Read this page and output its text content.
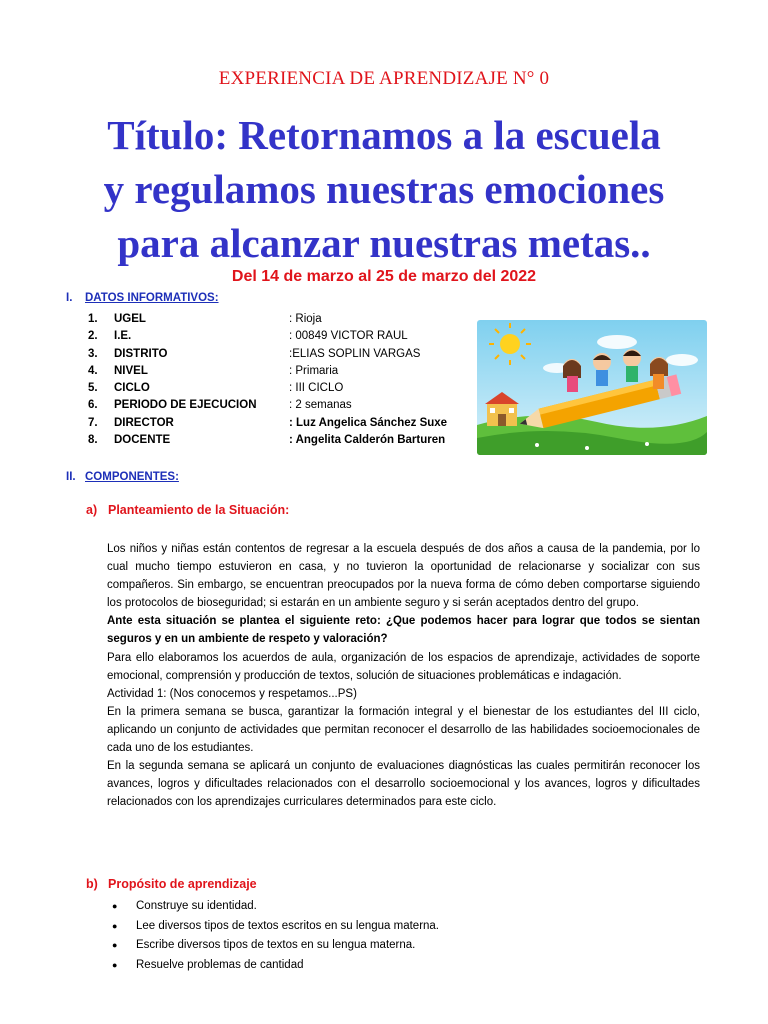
EXPERIENCIA DE APRENDIZAJE N° 0
Título: Retornamos a la escuela
y regulamos nuestras emociones
para alcanzar nuestras metas..
Del 14 de marzo al 25 de marzo del 2022
I. DATOS INFORMATIVOS:
1. UGEL	: Rioja
2. I.E.	: 00849 VICTOR RAUL
3. DISTRITO	:ELIAS SOPLIN VARGAS
4. NIVEL	: Primaria
5. CICLO	: III CICLO
6. PERIODO DE EJECUCION	: 2 semanas
7. DIRECTOR	: Luz Angelica Sánchez Suxe
8. DOCENTE	: Angelita Calderón Barturen
II. COMPONENTES:
a) Planteamiento de la Situación:

Los niños y niñas están contentos de regresar a la escuela después de dos años a causa de la pandemia, por lo cual mucho tiempo estuvieron en casa, y no tuvieron la oportunidad de relacionarse y socializar con sus compañeros. Sin embargo, se encuentran preocupados por la nueva forma de cómo deben comportarse siguiendo los protocolos de bioseguridad; si estarán en un ambiente seguro y si serán aceptados dentro del grupo.

Ante esta situación se plantea el siguiente reto: ¿Que podemos hacer para lograr que todos se sientan seguros y en un ambiente de respeto y valoración?

Para ello elaboramos los acuerdos de aula, organización de los espacios de aprendizaje, actividades de soporte emocional, comprensión y producción de textos, solución de situaciones problemáticas e indagación.

Actividad 1: (Nos conocemos y respetamos...PS)

En la primera semana se busca, garantizar la formación integral y el bienestar de los estudiantes del III ciclo, aplicando un conjunto de actividades que permitan reconocer el desarrollo de las habilidades socioemocionales de cada uno de los estudiantes.

En la segunda semana se aplicará un conjunto de evaluaciones diagnósticas las cuales permitirán reconocer los avances, logros y dificultades relacionados con el desarrollo socioemocional y los avances, logros y dificultades relacionados con los aprendizajes curriculares determinados para este ciclo.

b) Propósito de aprendizaje
● Construye su identidad.
● Lee diversos tipos de textos escritos en su lengua materna.
● Escribe diversos tipos de textos en su lengua materna.
● Resuelve problemas de cantidad
